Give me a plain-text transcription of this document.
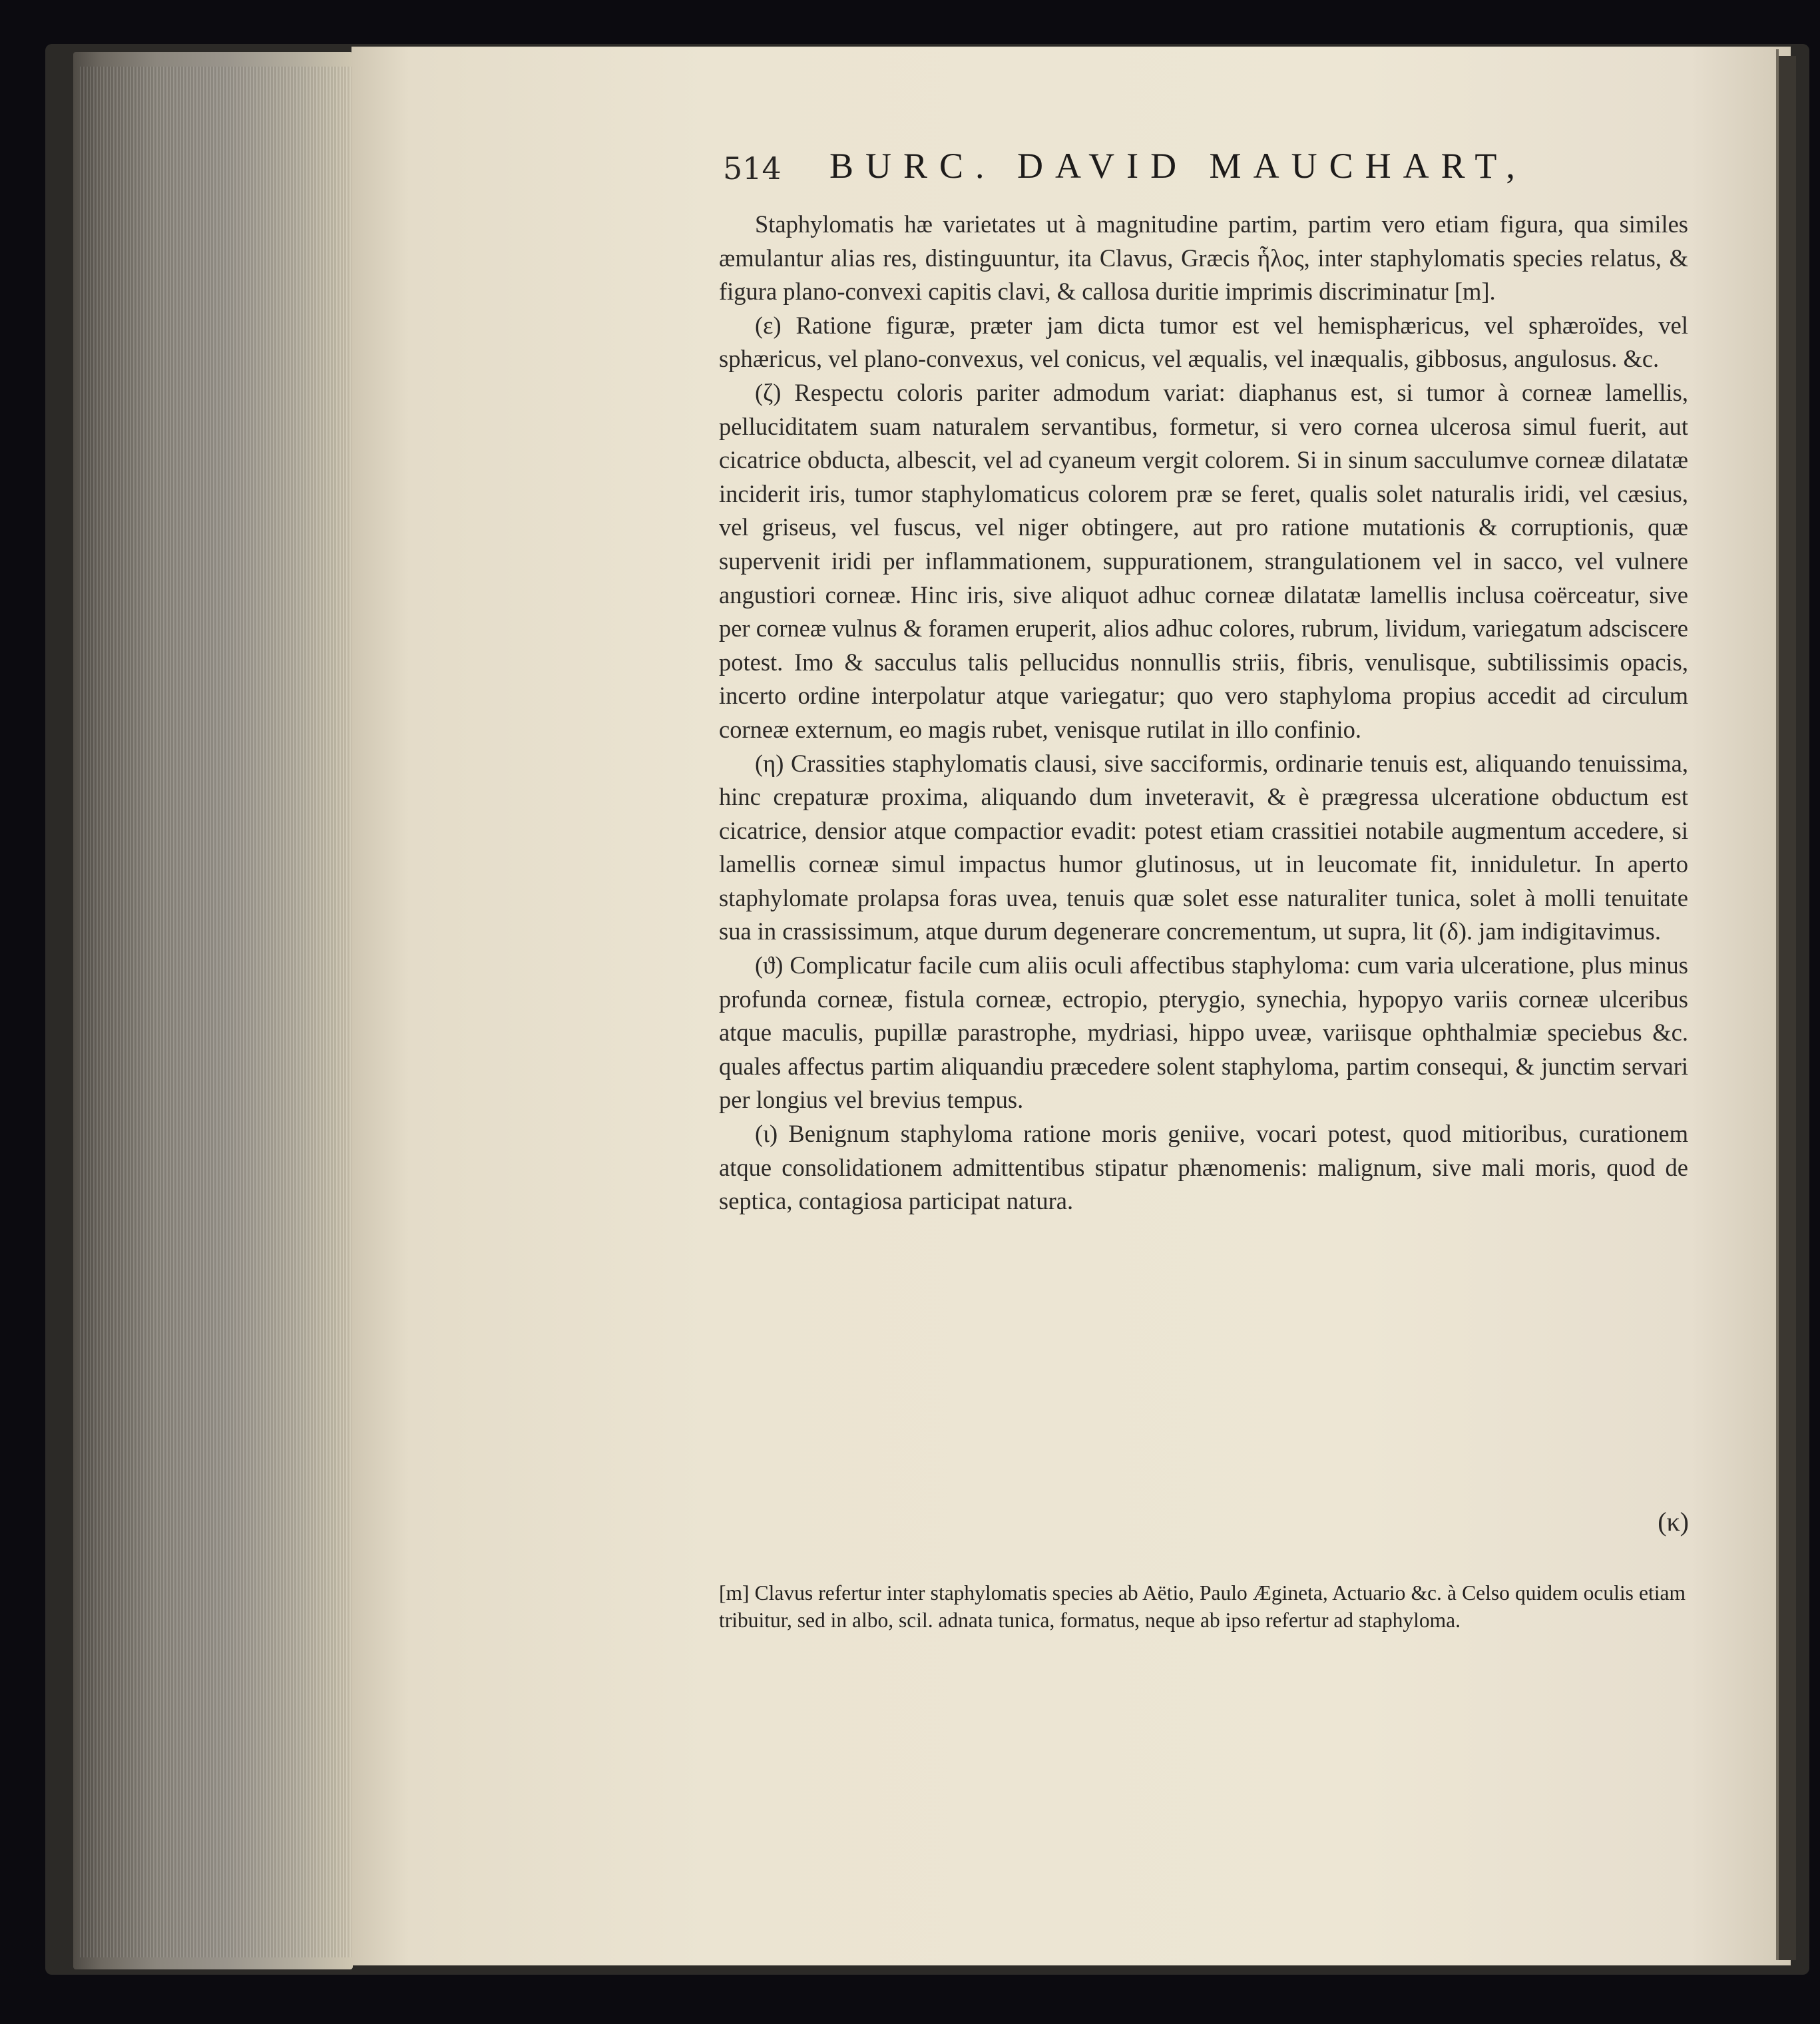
514 BURC. DAVID MAUCHART,

Staphylomatis hæ varietates ut à magnitudine partim, partim vero etiam figura, qua similes æmulantur alias res, distinguuntur, ita Clavus, Græcis ἧλος, inter staphylomatis species relatus, & figura plano-convexi capitis clavi, & callosa duritie imprimis discriminatur [m].

(ε) Ratione figuræ, præter jam dicta tumor est vel hemisphæricus, vel sphæroïdes, vel sphæricus, vel plano-convexus, vel conicus, vel æqualis, vel inæqualis, gibbosus, angulosus. &c.

(ζ) Respectu coloris pariter admodum variat: diaphanus est, si tumor à corneæ lamellis, pelluciditatem suam naturalem servantibus, formetur, si vero cornea ulcerosa simul fuerit, aut cicatrice obducta, albescit, vel ad cyaneum vergit colorem. Si in sinum sacculumve corneæ dilatatæ inciderit iris, tumor staphylomaticus colorem præ se feret, qualis solet naturalis iridi, vel cæsius, vel griseus, vel fuscus, vel niger obtingere, aut pro ratione mutationis & corruptionis, quæ supervenit iridi per inflammationem, suppurationem, strangulationem vel in sacco, vel vulnere angustiori corneæ. Hinc iris, sive aliquot adhuc corneæ dilatatæ lamellis inclusa coërceatur, sive per corneæ vulnus & foramen eruperit, alios adhuc colores, rubrum, lividum, variegatum adsciscere potest. Imo & sacculus talis pellucidus nonnullis striis, fibris, venulisque, subtilissimis opacis, incerto ordine interpolatur atque variegatur; quo vero staphyloma propius accedit ad circulum corneæ externum, eo magis rubet, venisque rutilat in illo confinio.

(η) Crassities staphylomatis clausi, sive sacciformis, ordinarie tenuis est, aliquando tenuissima, hinc crepaturæ proxima, aliquando dum inveteravit, & è prægressa ulceratione obductum est cicatrice, densior atque compactior evadit: potest etiam crassitiei notabile augmentum accedere, si lamellis corneæ simul impactus humor glutinosus, ut in leucomate fit, inniduletur. In aperto staphylomate prolapsa foras uvea, tenuis quæ solet esse naturaliter tunica, solet à molli tenuitate sua in crassissimum, atque durum degenerare concrementum, ut supra, lit (δ). jam indigitavimus.

(ϑ) Complicatur facile cum aliis oculi affectibus staphyloma: cum varia ulceratione, plus minus profunda corneæ, fistula corneæ, ectropio, pterygio, synechia, hypopyo variis corneæ ulceribus atque maculis, pupillæ parastrophe, mydriasi, hippo uveæ, variisque ophthalmiæ speciebus &c. quales affectus partim aliquandiu præcedere solent staphyloma, partim consequi, & junctim servari per longius vel brevius tempus.

(ι) Benignum staphyloma ratione moris geniive, vocari potest, quod mitioribus, curationem atque consolidationem admittentibus stipatur phænomenis: malignum, sive mali moris, quod de septica, contagiosa participat natura.

(κ)
[m] Clavus refertur inter staphylomatis species ab Aëtio, Paulo Ægineta, Actuario &c. à Celso quidem oculis etiam tribuitur, sed in albo, scil. adnata tunica, formatus, neque ab ipso refertur ad staphyloma.
